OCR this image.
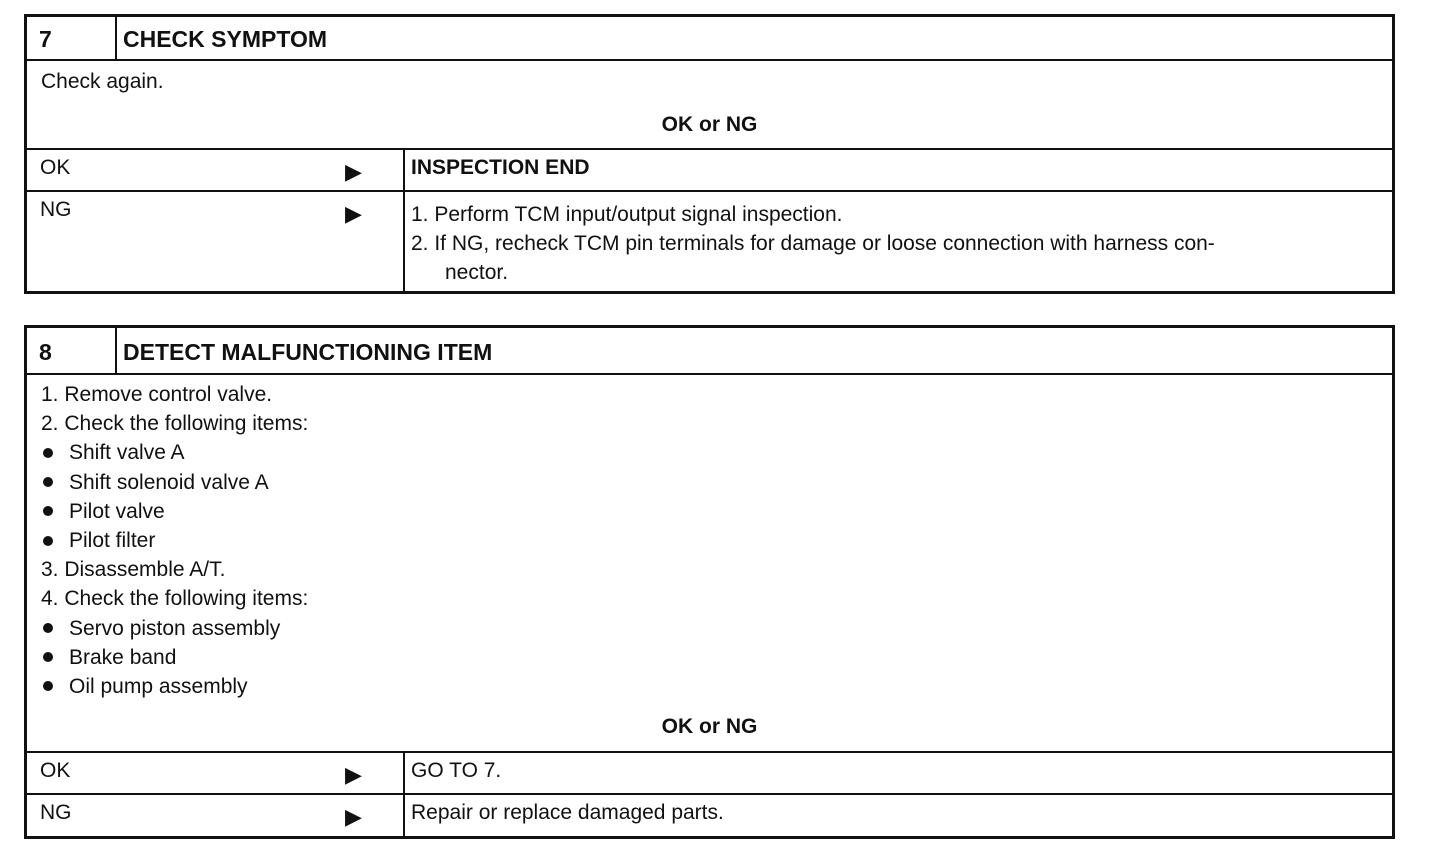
7	CHECK SYMPTOM
Check again.
OK or NG
OK	▶ INSPECTION END
NG	▶ 1. Perform TCM input/output signal inspection.
2. If NG, recheck TCM pin terminals for damage or loose connection with harness con-
nector.
8	DETECT MALFUNCTIONING ITEM
1. Remove control valve.
2. Check the following items:
Shift valve A
Shift solenoid valve A
Pilot valve
Pilot filter
3. Disassemble A/T.
4. Check the following items:
Servo piston assembly
Brake band
Oil pump assembly
OK or NG
OK	▶ GO TO 7.
NG	▶ Repair or replace damaged parts.
